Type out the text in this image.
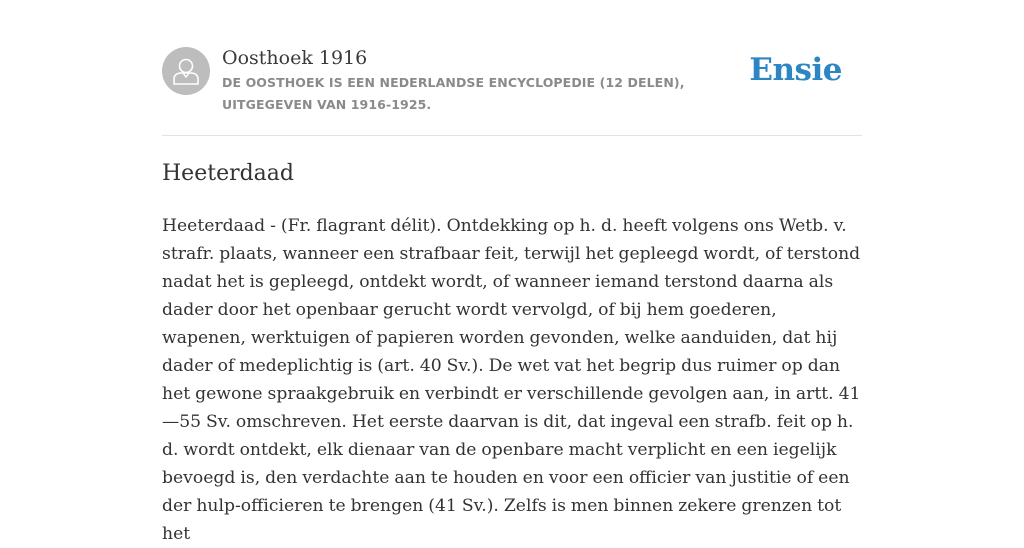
Oosthoek 1916

DE OOSTHOEK IS EEN NEDERLANDSE ENCYCLOPEDIE (12 DELEN), UITGEGEVEN VAN 1916-1925.

Ensie
Heeterdaad

Heeterdaad - (Fr. flagrant délit). Ontdekking op h. d. heeft volgens ons Wetb. v. strafr. plaats, wanneer een strafbaar feit, terwijl het gepleegd wordt, of terstond nadat het is gepleegd, ontdekt wordt, of wanneer iemand terstond daarna als dader door het openbaar gerucht wordt vervolgd, of bij hem goederen, wapenen, werktuigen of papieren worden gevonden, welke aanduiden, dat hij dader of medeplichtig is (art. 40 Sv.). De wet vat het begrip dus ruimer op dan het gewone spraakgebruik en verbindt er verschillende gevolgen aan, in artt. 41—55 Sv. omschreven. Het eerste daarvan is dit, dat ingeval een strafb. feit op h. d. wordt ontdekt, elk dienaar van de openbare macht verplicht en een iegelijk bevoegd is, den verdachte aan te houden en voor een officier van justitie of een der hulp-officieren te brengen (41 Sv.). Zelfs is men binnen zekere grenzen tot het
